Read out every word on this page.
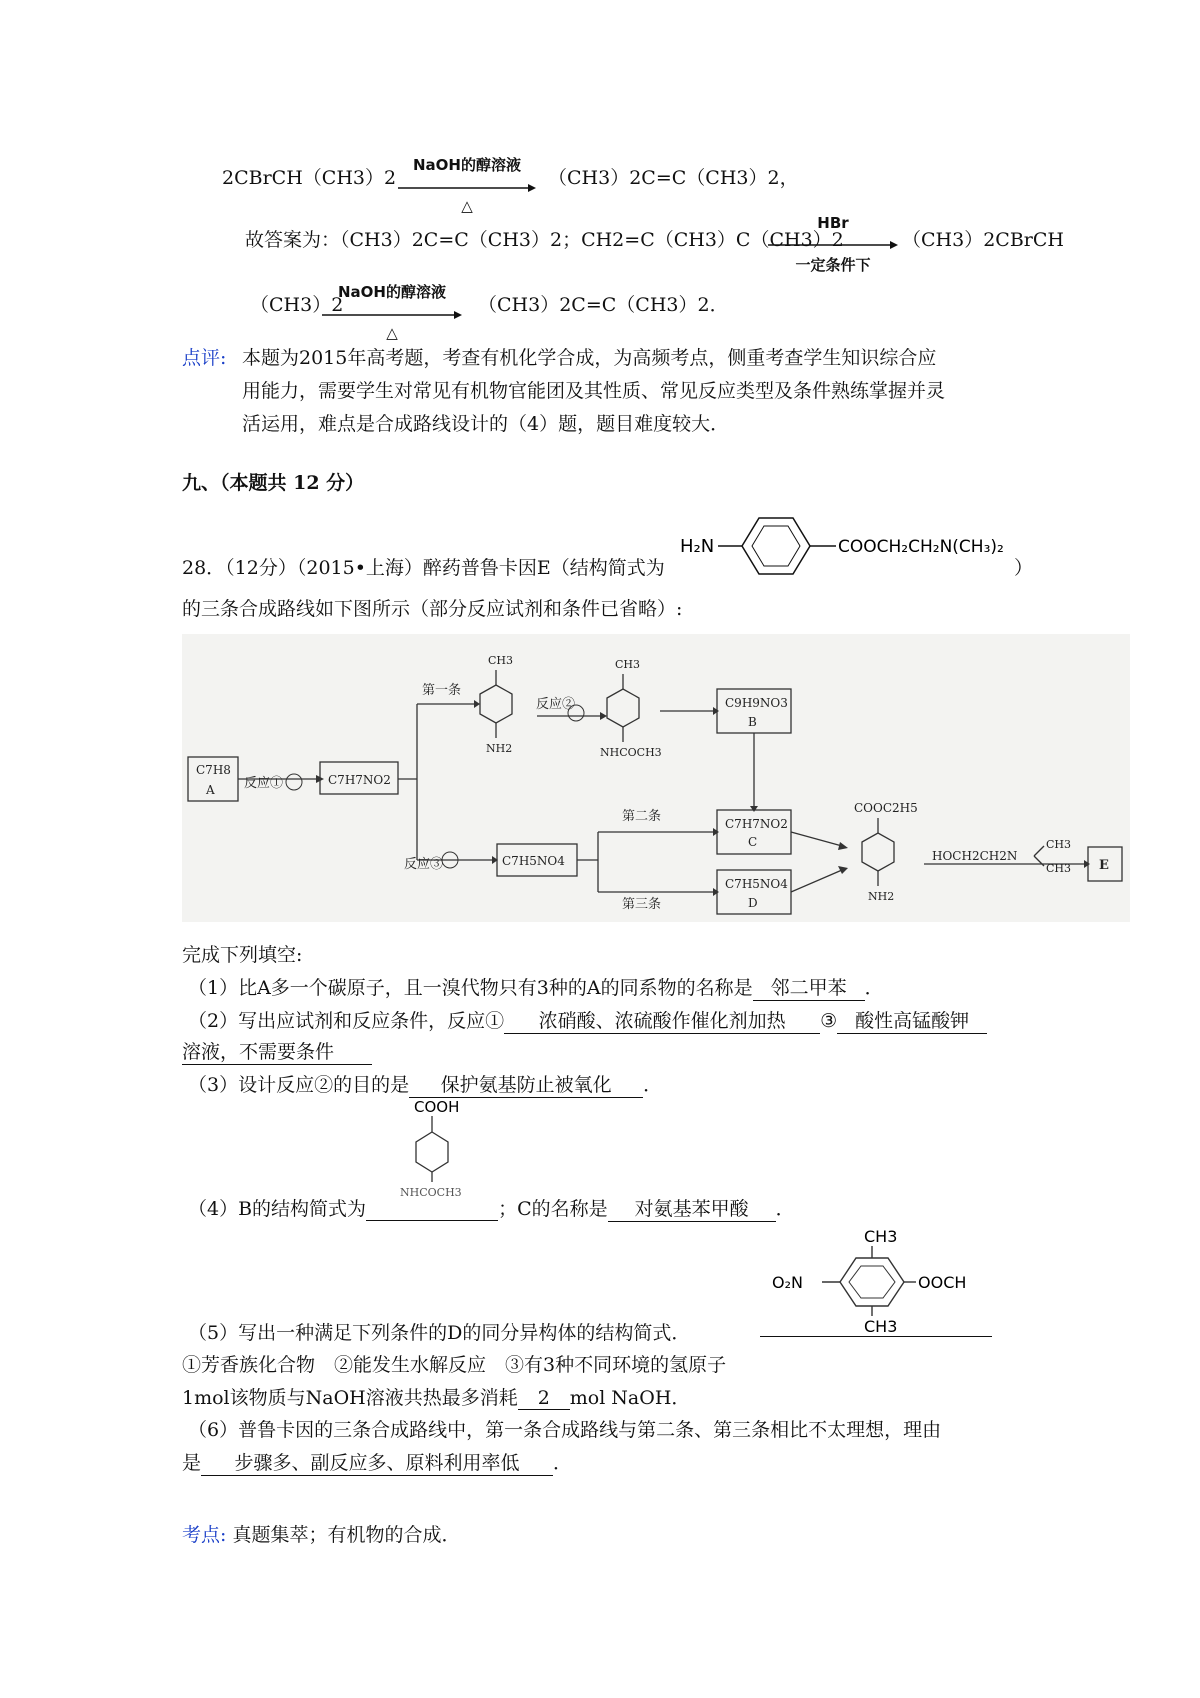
2CBrCH（CH3）2
NaOH的醇溶液
△
（CH3）2C=C（CH3）2，
故答案为：（CH3）2C=C（CH3）2；CH2=C（CH3）C（CH3）2
HBr
一定条件下
（CH3）2CBrCH
（CH3）2
NaOH的醇溶液
△
（CH3）2C=C（CH3）2．
点评: 本题为2015年高考题，考查有机化学合成，为高频考点，侧重考查学生知识综合应
用能力，需要学生对常见有机物官能团及其性质、常见反应类型及条件熟练掌握并灵
活运用，难点是合成路线设计的（4）题，题目难度较大．
九、（本题共 12 分）
28．（12分）（2015•上海）醉药普鲁卡因E（结构简式为
H₂N	COOCH₂CH₂N(CH₃)₂
）
的三条合成路线如下图所示（部分反应试剂和条件已省略）:
C7H8
A
C7H7NO2
反应①
第一条
CH3
NH2
反应②
CH3
NHCOCH3
C9H9NO3
B
第二条	C7H7NO2
C
C7H5NO4
反应③
第三条
C7H5NO4
D
COOC2H5
NH2
HOCH2CH2N
CH3
CH3 E
完成下列填空:
（1）比A多一个碳原子，且一溴代物只有3种的A的同系物的名称是 邻二甲苯 ．
（2）写出应试剂和反应条件，反应① 浓硝酸、浓硫酸作催化剂加热 ③ 酸性高锰酸钾
溶液，不需要条件
（3）设计反应②的目的是 保护氨基防止被氧化 ．
COOH
NHCOCH3
（4）B的结构简式为	；C的名称是 对氨基苯甲酸 ．
CH3
O₂N	OOCH
CH3
（5）写出一种满足下列条件的D的同分异构体的结构简式．
①芳香族化合物　②能发生水解反应　③有3种不同环境的氢原子
1mol该物质与NaOH溶液共热最多消耗 2 mol NaOH．
（6）普鲁卡因的三条合成路线中，第一条合成路线与第二条、第三条相比不太理想，理由
是 步骤多、副反应多、原料利用率低 ．
考点: 真题集萃；有机物的合成．
